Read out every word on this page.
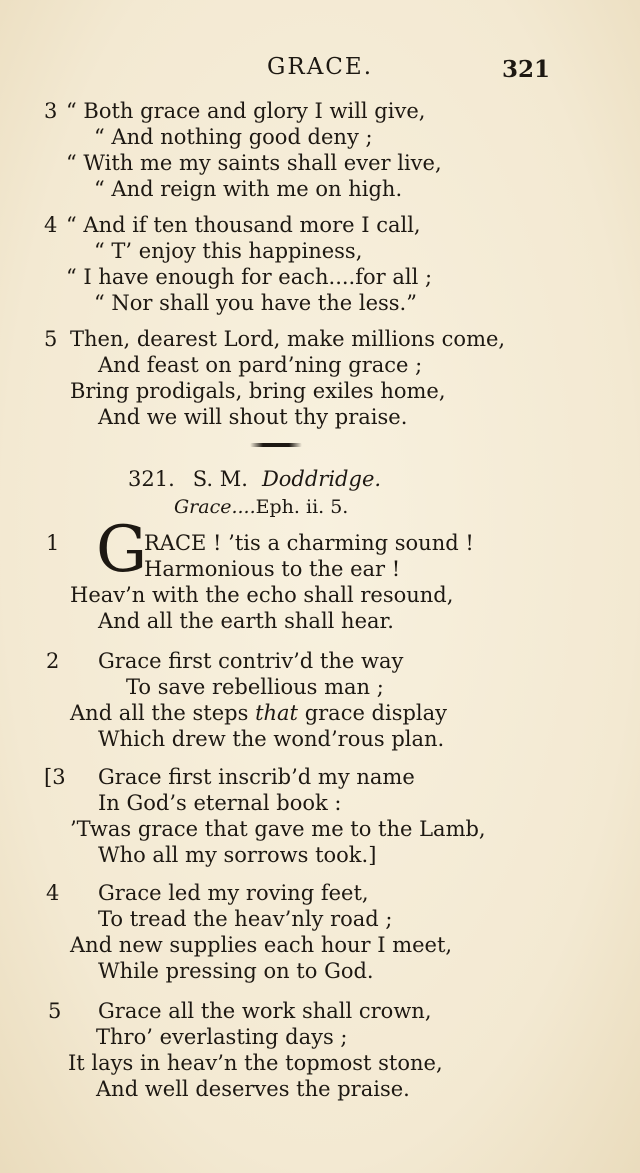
GRACE.	321
3 “ Both grace and glory I will give,
“ And nothing good deny ;
“ With me my saints shall ever live,
“ And reign with me on high.
4 “ And if ten thousand more I call,
“ T’ enjoy this happiness,
“ I have enough for each....for all ;
“ Nor shall you have the less.”
5 Then, dearest Lord, make millions come,
And feast on pard’ning grace ;
Bring prodigals, bring exiles home,
And we will shout thy praise.
321. S. M. Doddridge.
Grace....Eph. ii. 5.
1 G
RACE ! ’tis a charming sound !
Harmonious to the ear !
Heav’n with the echo shall resound,
And all the earth shall hear.
2 Grace first contriv’d the way
To save rebellious man ;
And all the steps that grace display
Which drew the wond’rous plan.
[3 Grace first inscrib’d my name
In God’s eternal book :
’Twas grace that gave me to the Lamb,
Who all my sorrows took.]
4 Grace led my roving feet,
To tread the heav’nly road ;
And new supplies each hour I meet,
While pressing on to God.
5 Grace all the work shall crown,
Thro’ everlasting days ;
It lays in heav’n the topmost stone,
And well deserves the praise.
